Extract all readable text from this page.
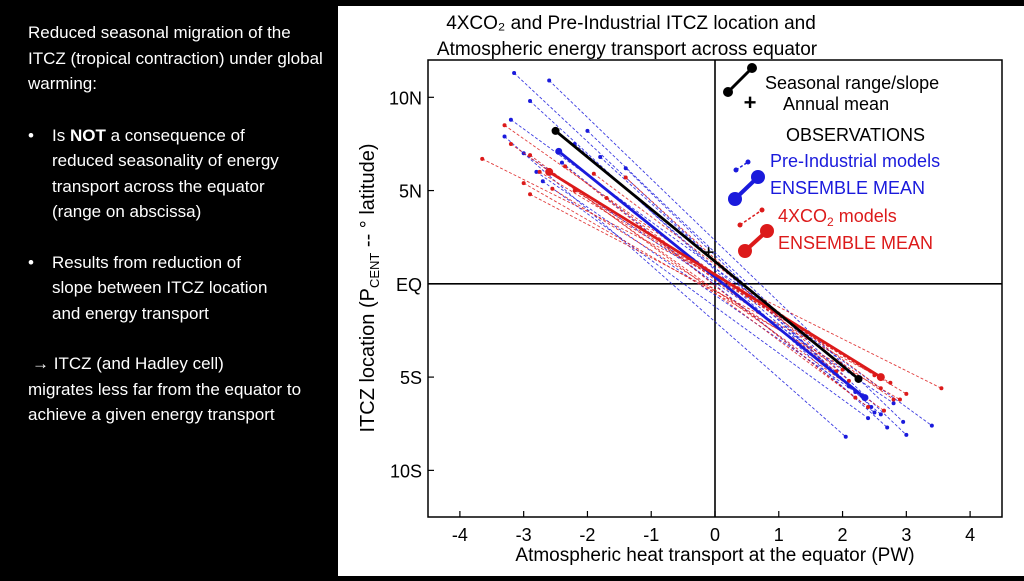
Reduced seasonal migration of the ITCZ (tropical contraction) under global warming:

•	Is NOT a consequence of reduced seasonality of energy transport across the equator (range on abscissa)
•	Results from reduction of slope between ITCZ location and energy transport

→ ITCZ (and Hadley cell)
migrates less far from the equator to achieve a given energy transport

4XCO₂ and Pre-Industrial ITCZ location and
Atmospheric energy transport across equator
-4	-3	-2	-1	0	1	2	3	4
10N
5N
EQ
5S
10S
Atmospheric heat transport at the equator (PW)
ITCZ location ($P_{CENT}$ -- ° latitude)
Seasonal range/slope
+ Annual mean
OBSERVATIONS
Pre-Industrial models
ENSEMBLE MEAN
$4XCO_2$ models
ENSEMBLE MEAN
